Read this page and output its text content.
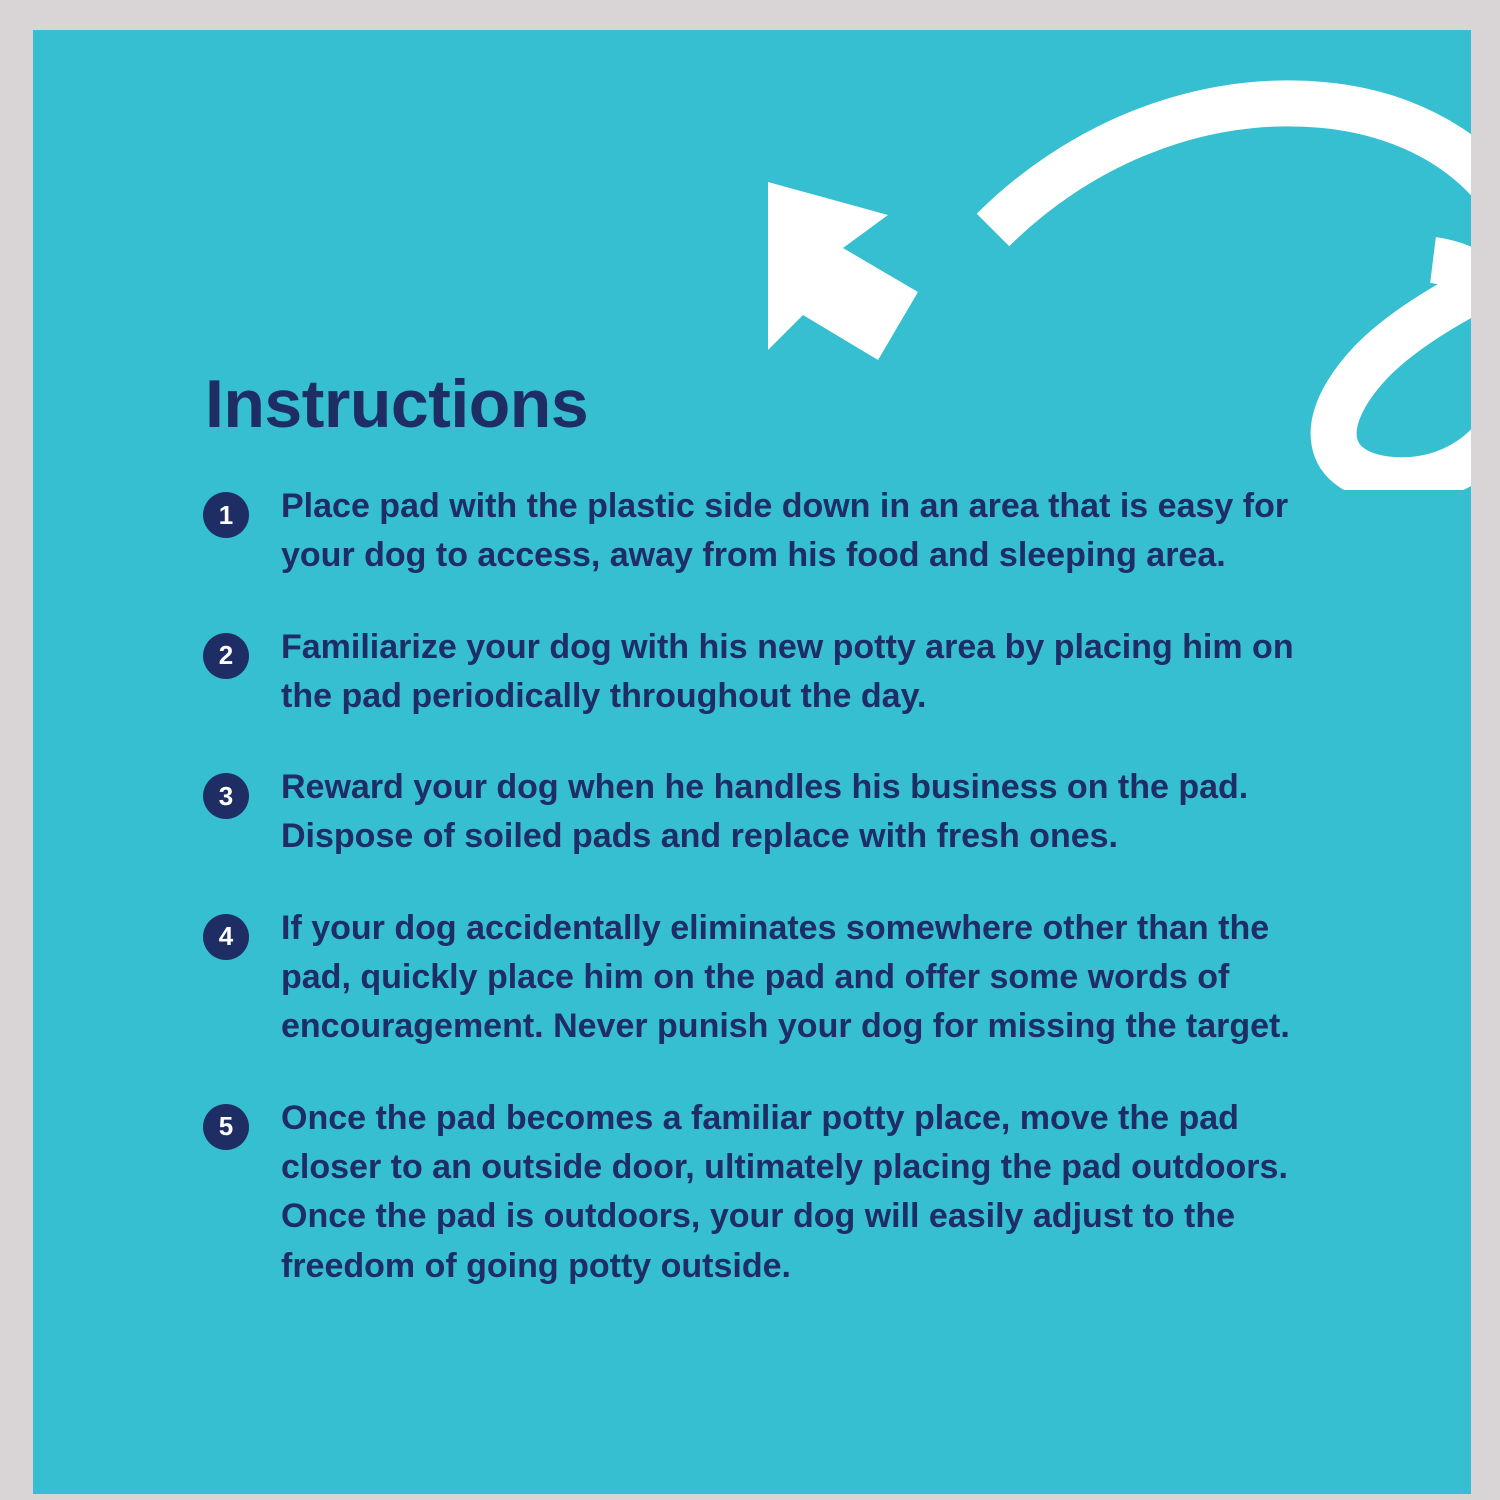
Instructions
1	Place pad with the plastic side down in an area that is easy for your dog to access, away from his food and sleeping area.
2	Familiarize your dog with his new potty area by placing him on the pad periodically throughout the day.
3	Reward your dog when he handles his business on the pad. Dispose of soiled pads and replace with fresh ones.
4	If your dog accidentally eliminates somewhere other than the pad, quickly place him on the pad and offer some words of encouragement. Never punish your dog for missing the target.
5	Once the pad becomes a familiar potty place, move the pad closer to an outside door, ultimately placing the pad outdoors. Once the pad is outdoors, your dog will easily adjust to the freedom of going potty outside.
